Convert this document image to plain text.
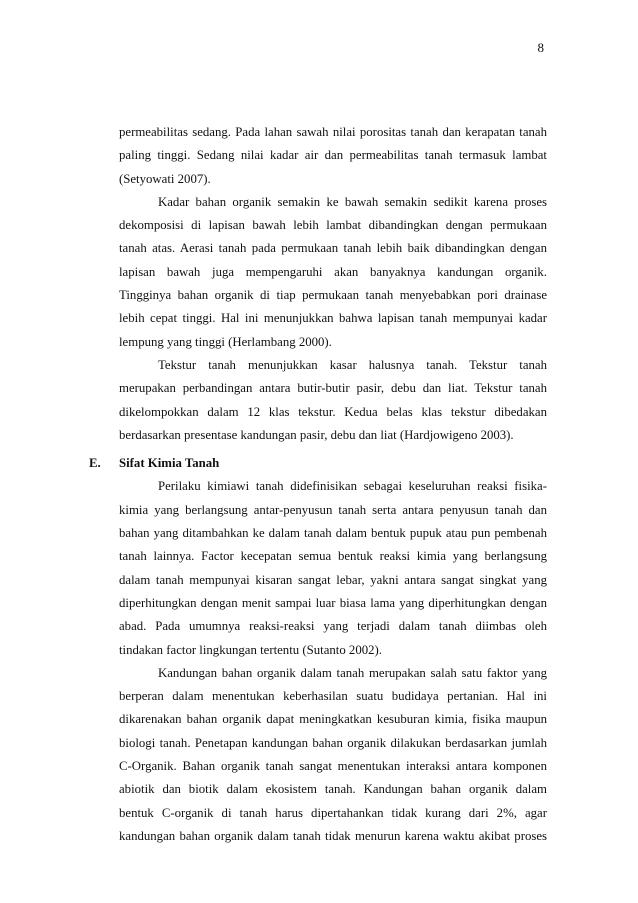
8
permeabilitas sedang. Pada lahan sawah nilai porositas tanah dan kerapatan tanah
paling tinggi. Sedang nilai kadar air dan permeabilitas tanah termasuk lambat
(Setyowati 2007).
Kadar bahan organik semakin ke bawah semakin sedikit karena proses
dekomposisi di lapisan bawah lebih lambat dibandingkan dengan permukaan
tanah atas. Aerasi tanah pada permukaan tanah lebih baik dibandingkan dengan
lapisan bawah juga mempengaruhi akan banyaknya kandungan organik.
Tingginya bahan organik di tiap permukaan tanah menyebabkan pori drainase
lebih cepat tinggi. Hal ini menunjukkan bahwa lapisan tanah mempunyai kadar
lempung yang tinggi (Herlambang 2000).
Tekstur tanah menunjukkan kasar halusnya tanah. Tekstur tanah
merupakan perbandingan antara butir-butir pasir, debu dan liat. Tekstur tanah
dikelompokkan dalam 12 klas tekstur. Kedua belas klas tekstur dibedakan
berdasarkan presentase kandungan pasir, debu dan liat (Hardjowigeno 2003).
E. Sifat Kimia Tanah
Perilaku kimiawi tanah didefinisikan sebagai keseluruhan reaksi fisika-
kimia yang berlangsung antar-penyusun tanah serta antara penyusun tanah dan
bahan yang ditambahkan ke dalam tanah dalam bentuk pupuk atau pun pembenah
tanah lainnya. Factor kecepatan semua bentuk reaksi kimia yang berlangsung
dalam tanah mempunyai kisaran sangat lebar, yakni antara sangat singkat yang
diperhitungkan dengan menit sampai luar biasa lama yang diperhitungkan dengan
abad. Pada umumnya reaksi-reaksi yang terjadi dalam tanah diimbas oleh
tindakan factor lingkungan tertentu (Sutanto 2002).
Kandungan bahan organik dalam tanah merupakan salah satu faktor yang
berperan dalam menentukan keberhasilan suatu budidaya pertanian. Hal ini
dikarenakan bahan organik dapat meningkatkan kesuburan kimia, fisika maupun
biologi tanah. Penetapan kandungan bahan organik dilakukan berdasarkan jumlah
C-Organik. Bahan organik tanah sangat menentukan interaksi antara komponen
abiotik dan biotik dalam ekosistem tanah. Kandungan bahan organik dalam
bentuk C-organik di tanah harus dipertahankan tidak kurang dari 2%, agar
kandungan bahan organik dalam tanah tidak menurun karena waktu akibat proses
